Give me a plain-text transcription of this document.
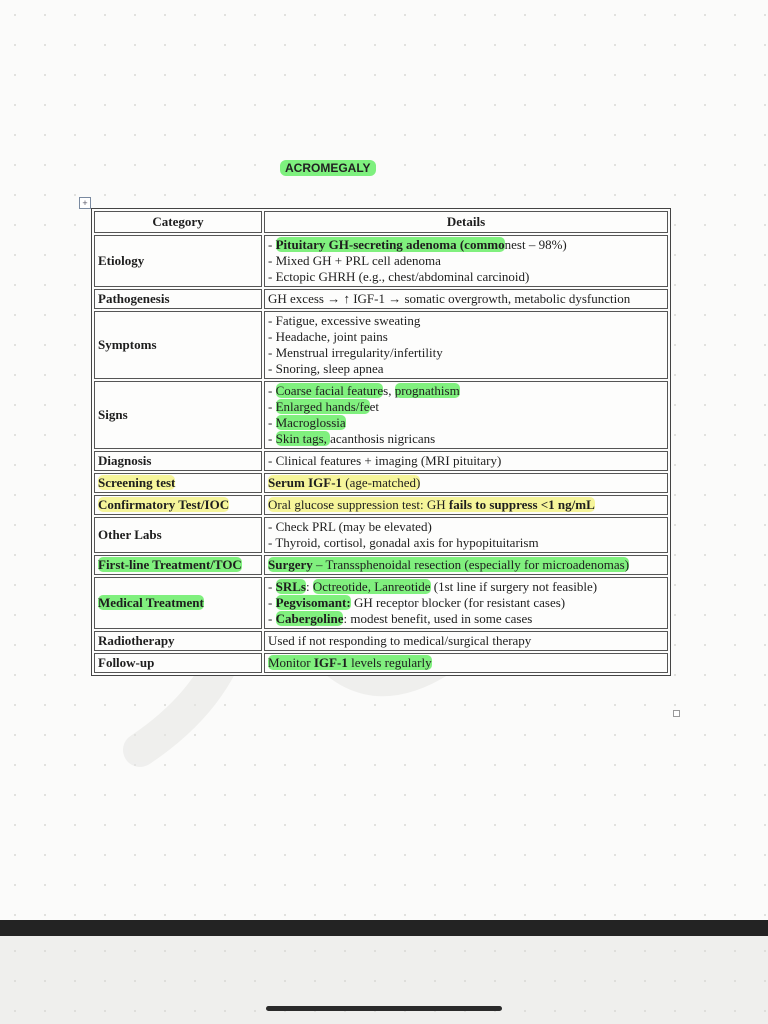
ACROMEGALY
+
Category	Details
Etiology	- Pituitary GH-secreting adenoma (commonest – 98%)
- Mixed GH + PRL cell adenoma
- Ectopic GHRH (e.g., chest/abdominal carcinoid)
Pathogenesis	GH excess → ↑ IGF-1 → somatic overgrowth, metabolic dysfunction
Symptoms	- Fatigue, excessive sweating
- Headache, joint pains
- Menstrual irregularity/infertility
- Snoring, sleep apnea
Signs	- Coarse facial features, prognathism
- Enlarged hands/feet
- Macroglossia
- Skin tags, acanthosis nigricans
Diagnosis	- Clinical features + imaging (MRI pituitary)
Screening test	Serum IGF-1 (age-matched)
Confirmatory Test/IOC	Oral glucose suppression test: GH fails to suppress <1 ng/mL
Other Labs	- Check PRL (may be elevated)
- Thyroid, cortisol, gonadal axis for hypopituitarism
First-line Treatment/TOC	Surgery – Transsphenoidal resection (especially for microadenomas)
Medical Treatment	- SRLs: Octreotide, Lanreotide (1st line if surgery not feasible)
- Pegvisomant: GH receptor blocker (for resistant cases)
- Cabergoline: modest benefit, used in some cases
Radiotherapy	Used if not responding to medical/surgical therapy
Follow-up	Monitor IGF-1 levels regularly
